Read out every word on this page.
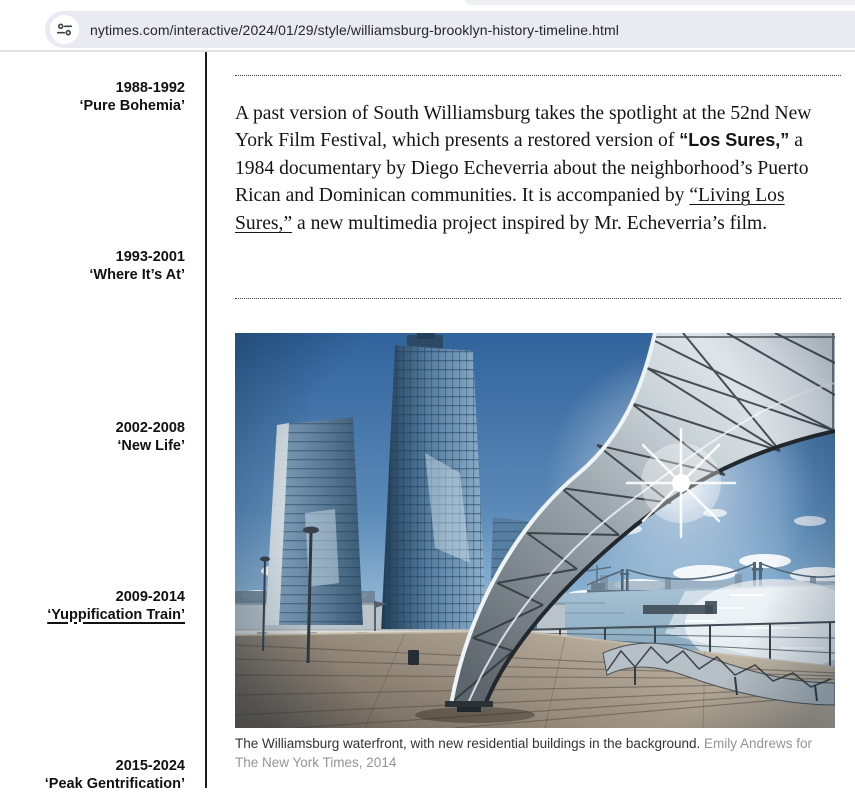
nytimes.com/interactive/2024/01/29/style/williamsburg-brooklyn-history-timeline.html
1988-1992
‘Pure Bohemia’
1993-2001
‘Where It’s At’
2002-2008
‘New Life’
2009-2014
‘Yuppification Train’
2015-2024
‘Peak Gentrification’

A past version of South Williamsburg takes the spotlight at the 52nd New York Film Festival, which presents a restored version of “Los Sures,” a 1984 documentary by Diego Echeverria about the neighborhood’s Puerto Rican and Dominican communities. It is accompanied by “Living Los Sures,” a new multimedia project inspired by Mr. Echeverria’s film.

The Williamsburg waterfront, with new residential buildings in the background. Emily Andrews for The New York Times, 2014
